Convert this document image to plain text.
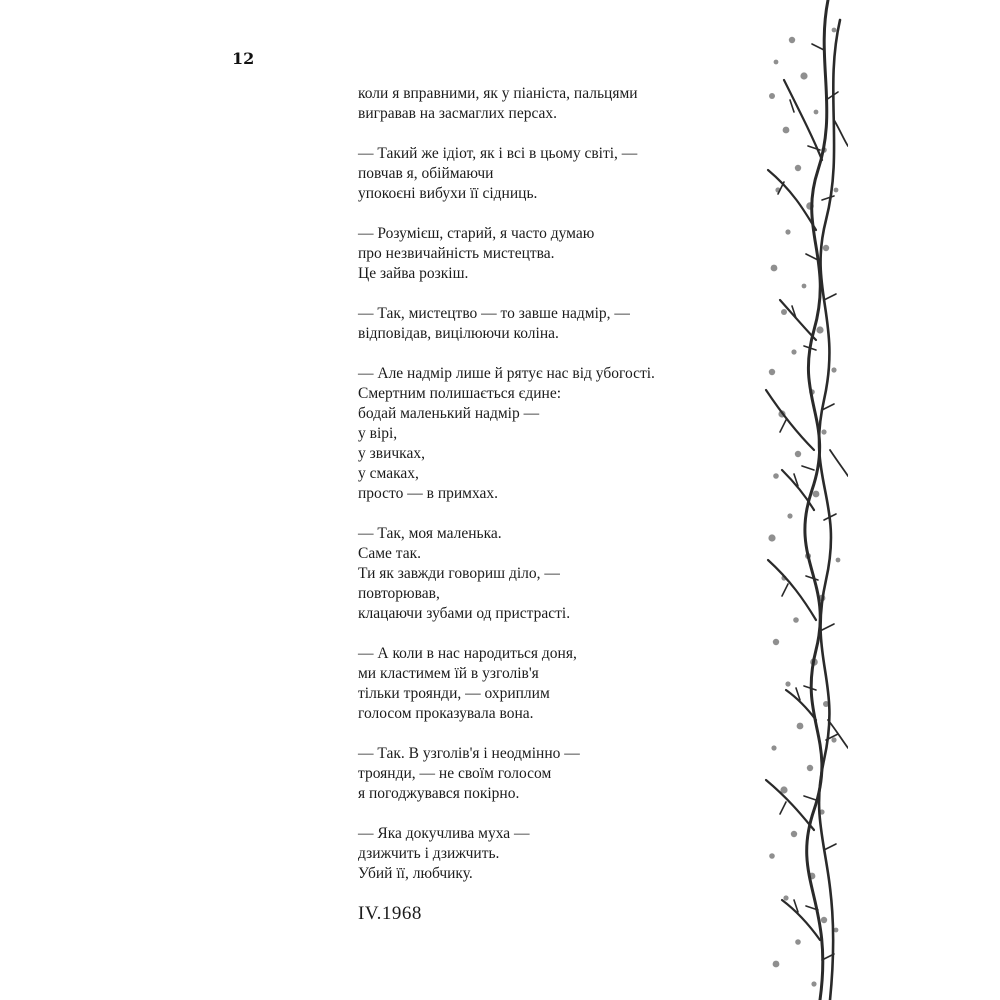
12
коли я вправними, як у піаніста, пальцями
вигравав на засмаглих персах.
— Такий же ідіот, як і всі в цьому світі, —
повчав я, обіймаючи
упокоєні вибухи її сідниць.
— Розумієш, старий, я часто думаю
про незвичайність мистецтва.
Це зайва розкіш.
— Так, мистецтво — то завше надмір, —
відповідав, вицілюючи коліна.
— Але надмір лише й рятує нас від убогості.
Смертним полишається єдине:
бодай маленький надмір —
у вірі,
у звичках,
у смаках,
просто — в примхах.
— Так, моя маленька.
Саме так.
Ти як завжди говориш діло, —
повторював,
клацаючи зубами од пристрасті.
— А коли в нас народиться доня,
ми кластимем їй в узголів'я
тільки троянди, — охриплим
голосом проказувала вона.
— Так. В узголів'я і неодмінно —
троянди, — не своїм голосом
я погоджувався покірно.
— Яка докучлива муха —
дзижчить і дзижчить.
Убий її, любчику.
IV.1968
